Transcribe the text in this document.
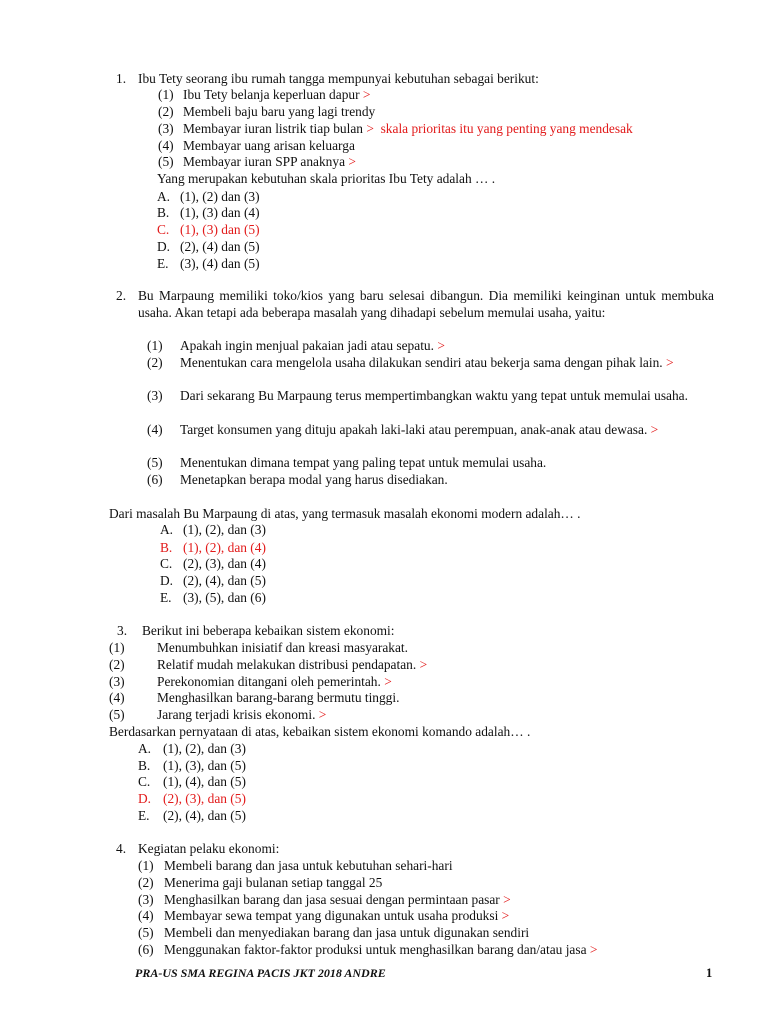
1. Ibu Tety seorang ibu rumah tangga mempunyai kebutuhan sebagai berikut:
(1) Ibu Tety belanja keperluan dapur >
(2) Membeli baju baru yang lagi trendy
(3) Membayar iuran listrik tiap bulan >  skala prioritas itu yang penting yang mendesak
(4) Membayar uang arisan keluarga
(5) Membayar iuran SPP anaknya >
Yang merupakan kebutuhan skala prioritas Ibu Tety adalah … .
A. (1), (2) dan (3)
B. (1), (3) dan (4)
C. (1), (3) dan (5)
D. (2), (4) dan (5)
E. (3), (4) dan (5)
2. Bu Marpaung memiliki toko/kios yang baru selesai dibangun. Dia memiliki keinginan untuk membuka usaha. Akan tetapi ada beberapa masalah yang dihadapi sebelum memulai usaha, yaitu:
(1) Apakah ingin menjual pakaian jadi atau sepatu. >
(2) Menentukan cara mengelola usaha dilakukan sendiri atau bekerja sama dengan pihak lain. >
(3) Dari sekarang Bu Marpaung terus mempertimbangkan waktu yang tepat untuk memulai usaha.
(4) Target konsumen yang dituju apakah laki-laki atau perempuan, anak-anak atau dewasa. >
(5) Menentukan dimana tempat yang paling tepat untuk memulai usaha.
(6) Menetapkan berapa modal yang harus disediakan.
Dari masalah Bu Marpaung di atas, yang termasuk masalah ekonomi modern adalah… .
A. (1), (2), dan (3)
B. (1), (2), dan (4)
C. (2), (3), dan (4)
D. (2), (4), dan (5)
E. (3), (5), dan (6)
3. Berikut ini beberapa kebaikan sistem ekonomi:
(1) Menumbuhkan inisiatif dan kreasi masyarakat.
(2) Relatif mudah melakukan distribusi pendapatan. >
(3) Perekonomian ditangani oleh pemerintah. >
(4) Menghasilkan barang-barang bermutu tinggi.
(5) Jarang terjadi krisis ekonomi. >
Berdasarkan pernyataan di atas, kebaikan sistem ekonomi komando adalah… .
A. (1), (2), dan (3)
B. (1), (3), dan (5)
C. (1), (4), dan (5)
D. (2), (3), dan (5)
E. (2), (4), dan (5)
4. Kegiatan pelaku ekonomi:
(1) Membeli barang dan jasa untuk kebutuhan sehari-hari
(2) Menerima gaji bulanan setiap tanggal 25
(3) Menghasilkan barang dan jasa sesuai dengan permintaan pasar >
(4) Membayar sewa tempat yang digunakan untuk usaha produksi >
(5) Membeli dan menyediakan barang dan jasa untuk digunakan sendiri
(6) Menggunakan faktor-faktor produksi untuk menghasilkan barang dan/atau jasa >
PRA-US SMA REGINA PACIS JKT 2018 ANDRE	1
